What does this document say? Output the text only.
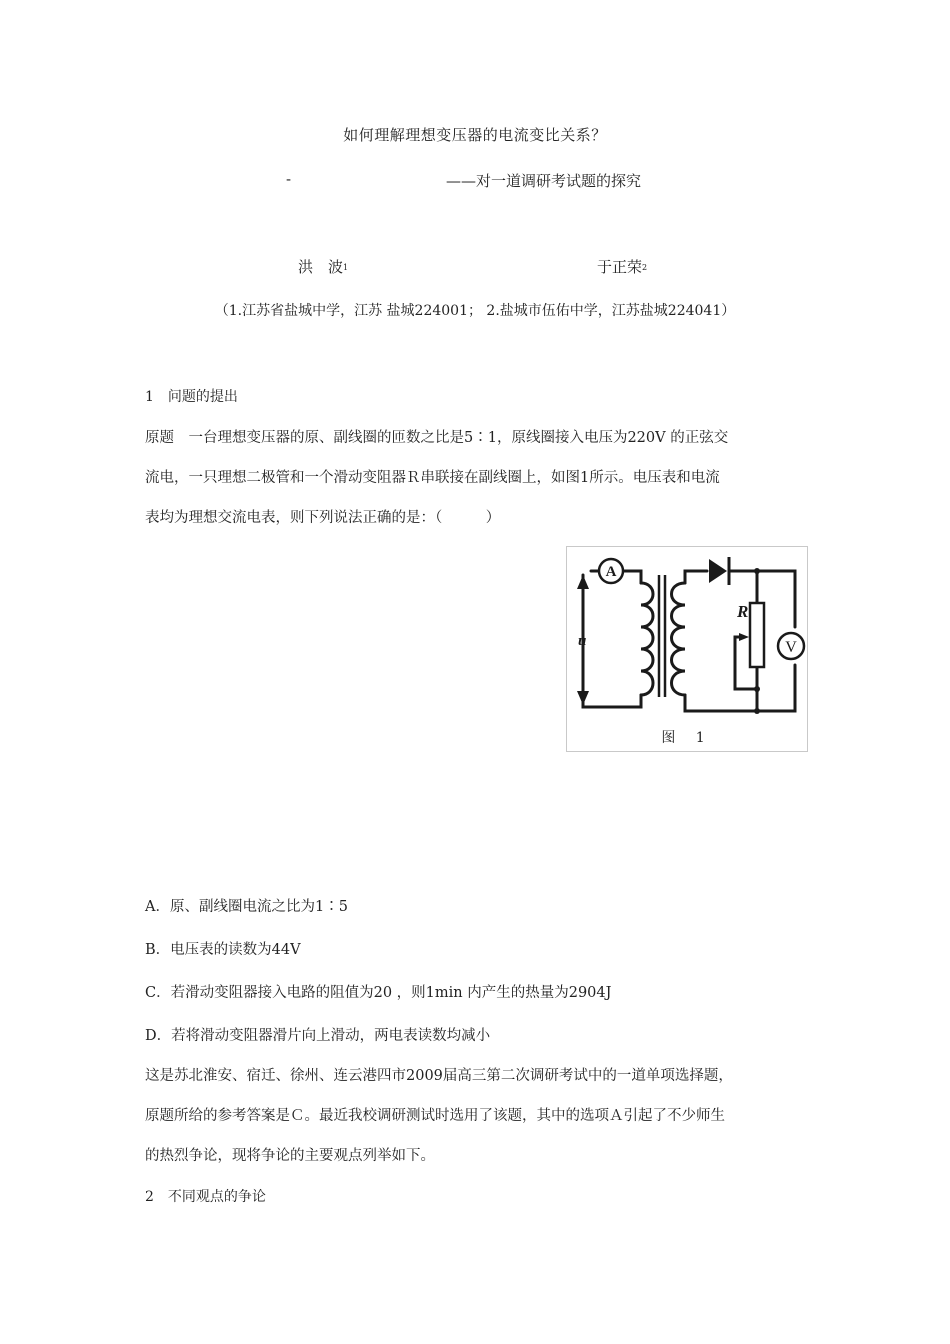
如何理解理想变压器的电流变比关系？
-	——对一道调研考试题的探究
洪　波$^1$	于正荣$^2$
（1.江苏省盐城中学，江苏 盐城224001； 2.盐城市伍佑中学，江苏盐城224041）
1　问题的提出
原题　一台理想变压器的原、副线圈的匝数之比是5∶1，原线圈接入电压为220V 的正弦交
流电，一只理想二极管和一个滑动变阻器Ｒ串联接在副线圈上，如图1所示。电压表和电流
表均为理想交流电表，则下列说法正确的是：（　　　）
A
R
V
u
图 1
A．原、副线圈电流之比为1∶5
B．电压表的读数为44V
C．若滑动变阻器接入电路的阻值为20 ，则1min 内产生的热量为2904J
D．若将滑动变阻器滑片向上滑动，两电表读数均减小
这是苏北淮安、宿迁、徐州、连云港四市2009届高三第二次调研考试中的一道单项选择题，
原题所给的参考答案是Ｃ。最近我校调研测试时选用了该题，其中的选项Ａ引起了不少师生
的热烈争论，现将争论的主要观点列举如下。
2　不同观点的争论
